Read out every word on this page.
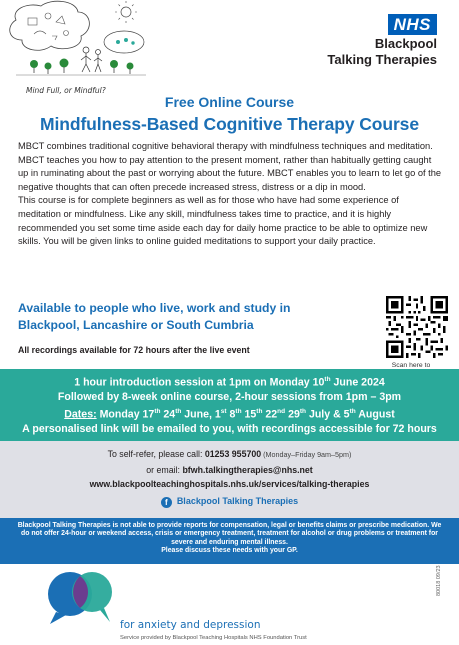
Mind Full, or Mindful?
NHS
Blackpool
Talking Therapies
Free Online Course
Mindfulness-Based Cognitive Therapy Course

MBCT combines traditional cognitive behavioral therapy with mindfulness techniques and meditation. MBCT teaches you how to pay attention to the present moment, rather than habitually getting caught up in ruminating about the past or worrying about the future. MBCT enables you to learn to let go of the negative thoughts that can often precede increased stress, distress or a dip in mood.

This course is for complete beginners as well as for those who have had some experience of meditation or mindfulness. Like any skill, mindfulness takes time to practice, and it is highly recommended you set some time aside each day for daily home practice to be able to optimize new skills. You will be given links to online guided meditations to support your daily practice.

Available to people who live, work and study in
Blackpool, Lancashire or South Cumbria
All recordings available for 72 hours after the live event
Scan here to
1 hour introduction session at 1pm on Monday 10th June 2024
Followed by 8-week online course, 2-hour sessions from 1pm – 3pm
Dates: Monday 17th 24th June, 1st 8th 15th 22nd 29th July & 5th August
A personalised link will be emailed to you, with recordings accessible for 72 hours
To self-refer, please call: 01253 955700 (Monday–Friday 9am–5pm)
or email: bfwh.talkingtherapies@nhs.net
www.blackpoolteachinghospitals.nhs.uk/services/talking-therapies
f Blackpool Talking Therapies
Blackpool Talking Therapies is not able to provide reports for compensation, legal or benefits claims or prescribe medication. We do not offer 24-hour or weekend access, crisis or emergency treatment, treatment for alcohol or drug problems or treatment for severe and enduring mental illness.
Please discuss these needs with your GP.
for anxiety and depression
Service provided by Blackpool Teaching Hospitals NHS Foundation Trust
80018 09/23
